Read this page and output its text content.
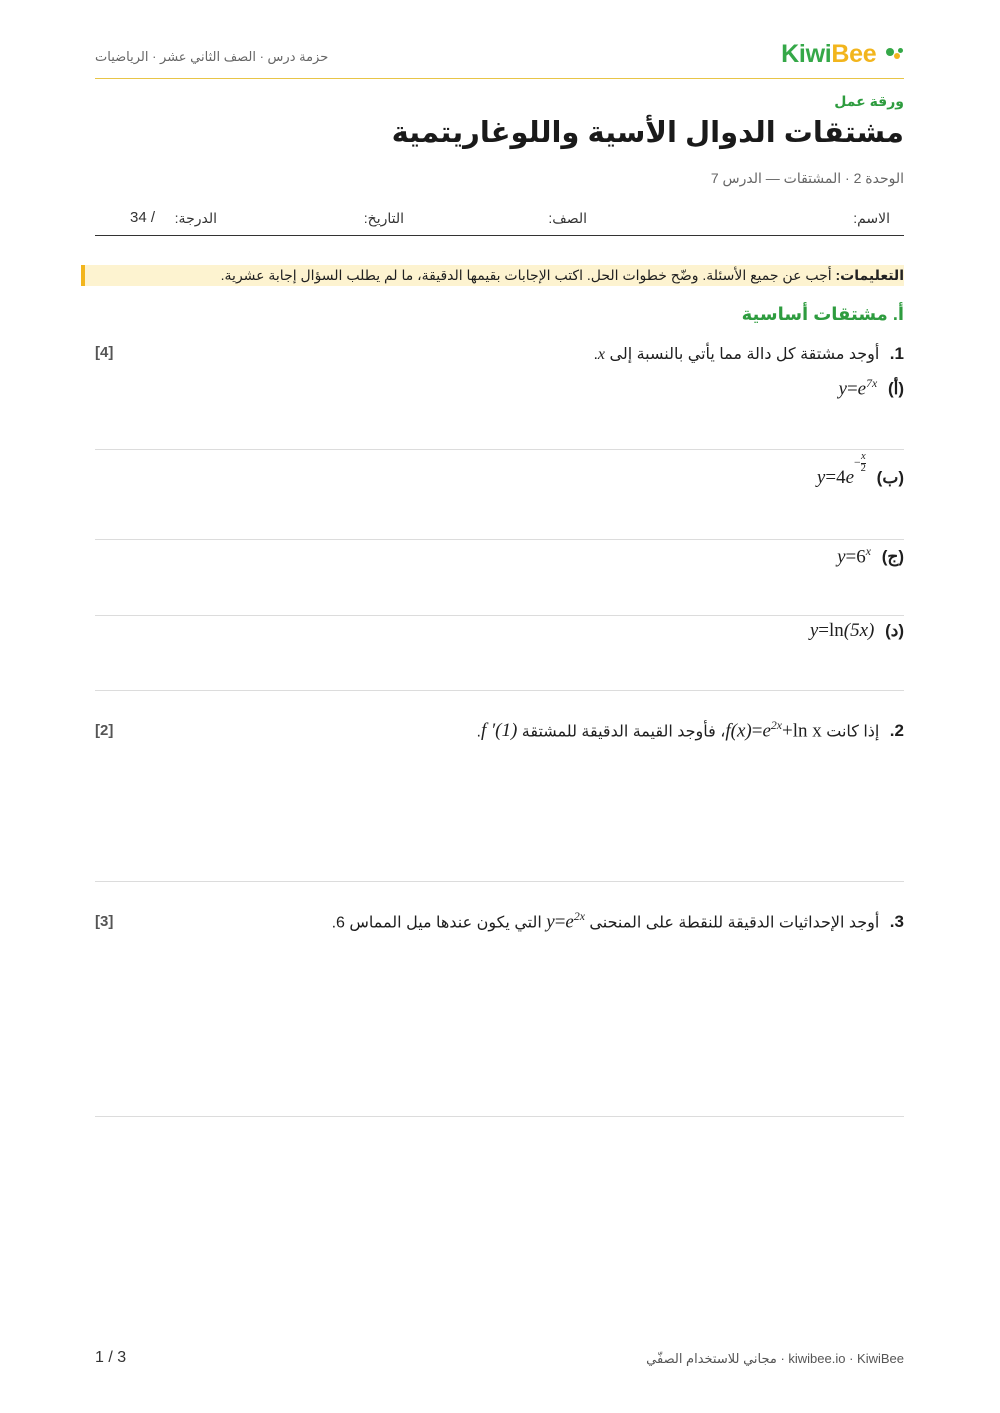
KiwiBee
حزمة درس · الصف الثاني عشر · الرياضيات
ورقة عمل
مشتقات الدوال الأسية واللوغاريتمية
الوحدة 2 · المشتقات — الدرس 7
الاسم:
الصف:
التاريخ:
الدرجة:
34 /
التعليمات: أجب عن جميع الأسئلة. وضّح خطوات الحل. اكتب الإجابات بقيمها الدقيقة، ما لم يطلب السؤال إجابة عشرية.
أ. مشتقات أساسية
1. أوجد مشتقة كل دالة مما يأتي بالنسبة إلى x.
[4]
(أ) $y=e^{7x}$
(ب) $y=4e^{- \frac{x}{2}}$
(ج) $y=6^x$
(د) y=ln(5x)
2. إذا كانت $f(x)=e^{2x}+\ln$ x، فأوجد القيمة الدقيقة للمشتقة f ′(1).
[2]
3. أوجد الإحداثيات الدقيقة للنقطة على المنحنى $y=e^{2x}$ التي يكون عندها ميل المماس 6.
[3]
1 / 3	kiwibee.io · KiwiBee · مجاني للاستخدام الصفّي
